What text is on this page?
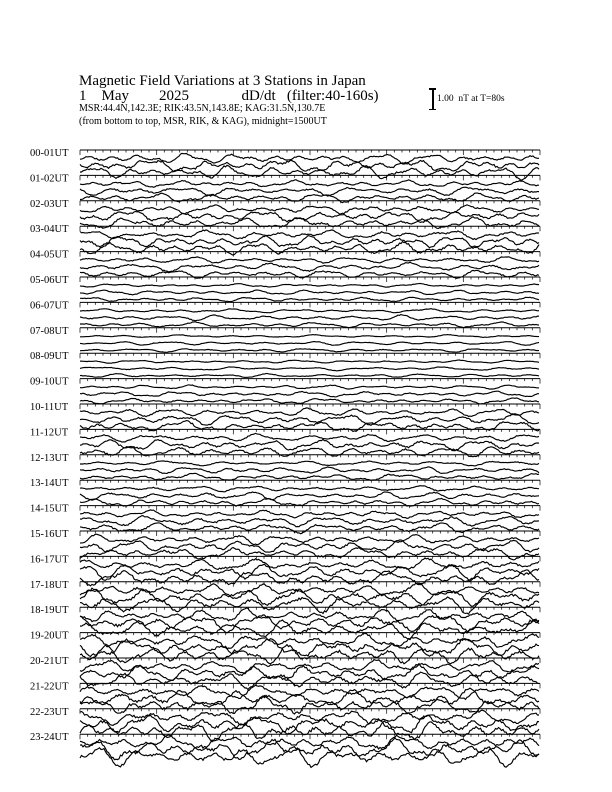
Magnetic Field Variations at 3 Stations in Japan
1    May        2025              dD/dt   (filter:40-160s)
MSR:44.4N,142.3E; RIK:43.5N,143.8E; KAG:31.5N,130.7E
(from bottom to top, MSR, RIK, & KAG), midnight=1500UT
1.00  nT at T=80s
00-01UT
01-02UT
02-03UT
03-04UT
04-05UT
05-06UT
06-07UT
07-08UT
08-09UT
09-10UT
10-11UT
11-12UT
12-13UT
13-14UT
14-15UT
15-16UT
16-17UT
17-18UT
18-19UT
19-20UT
20-21UT
21-22UT
22-23UT
23-24UT
